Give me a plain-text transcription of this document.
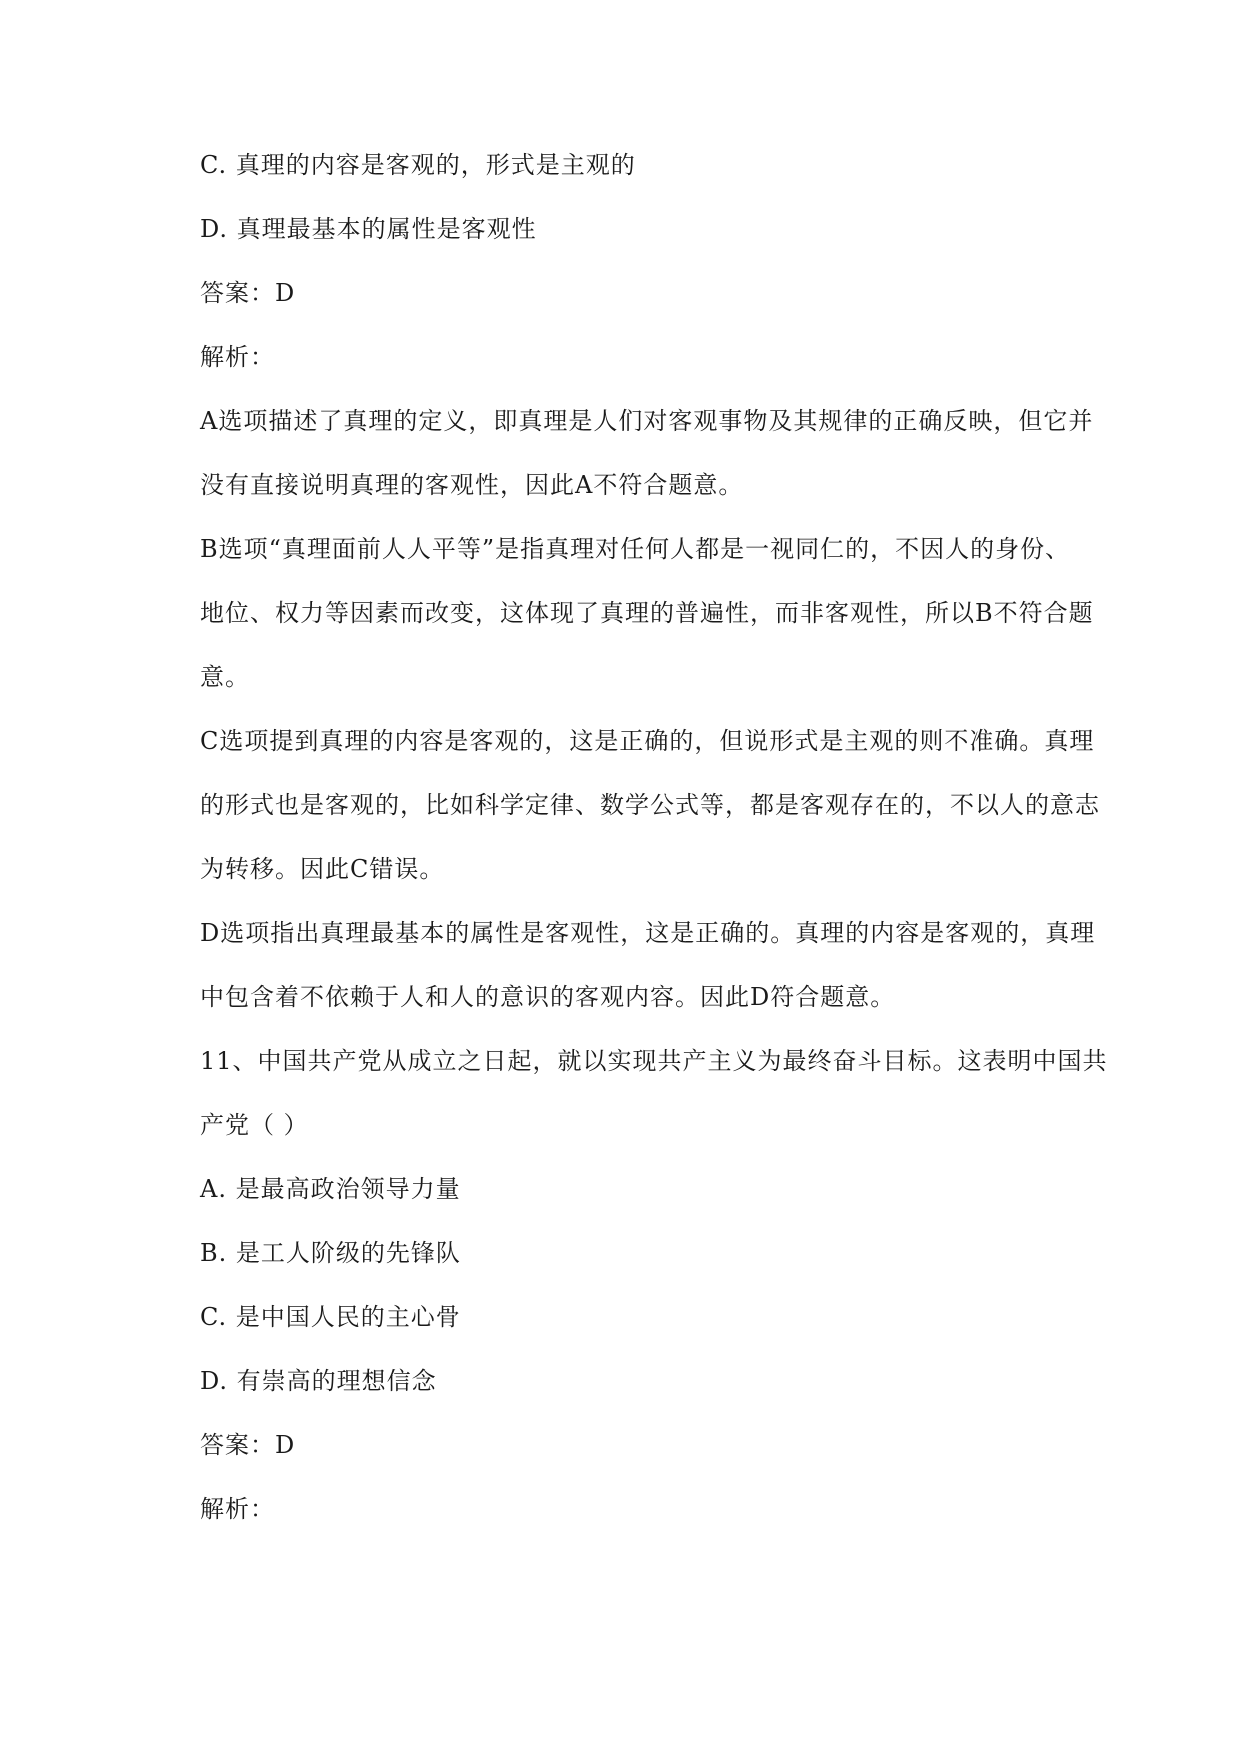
C. 真理的内容是客观的，形式是主观的
D. 真理最基本的属性是客观性
答案：D
解析：
A选项描述了真理的定义，即真理是人们对客观事物及其规律的正确反映，但它并
没有直接说明真理的客观性，因此A不符合题意。
B选项“真理面前人人平等”是指真理对任何人都是一视同仁的，不因人的身份、
地位、权力等因素而改变，这体现了真理的普遍性，而非客观性，所以B不符合题
意。
C选项提到真理的内容是客观的，这是正确的，但说形式是主观的则不准确。真理
的形式也是客观的，比如科学定律、数学公式等，都是客观存在的，不以人的意志
为转移。因此C错误。
D选项指出真理最基本的属性是客观性，这是正确的。真理的内容是客观的，真理
中包含着不依赖于人和人的意识的客观内容。因此D符合题意。
11、中国共产党从成立之日起，就以实现共产主义为最终奋斗目标。这表明中国共
产党（ ）
A. 是最高政治领导力量
B. 是工人阶级的先锋队
C. 是中国人民的主心骨
D. 有崇高的理想信念
答案：D
解析：
